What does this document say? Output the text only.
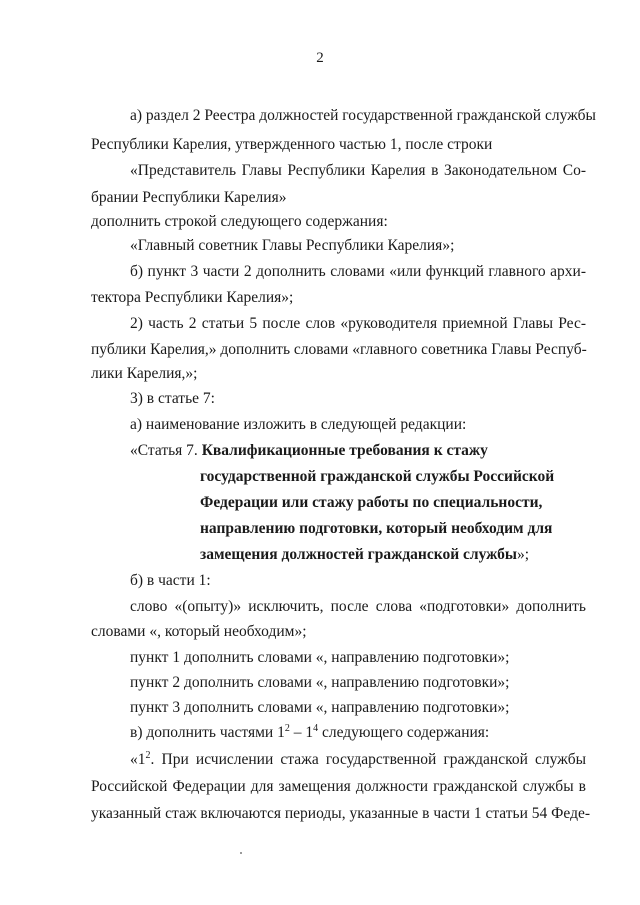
2
а) раздел 2 Реестра должностей государственной гражданской службы
Республики Карелия, утвержденного частью 1, после строки
«Представитель Главы Республики Карелия в Законодательном Со-
брании Республики Карелия»
дополнить строкой следующего содержания:
«Главный советник Главы Республики Карелия»;
б) пункт 3 части 2 дополнить словами «или функций главного архи-
тектора Республики Карелия»;
2) часть 2 статьи 5 после слов «руководителя приемной Главы Рес-
публики Карелия,» дополнить словами «главного советника Главы Респуб-
лики Карелия,»;
3) в статье 7:
а) наименование изложить в следующей редакции:
«Статья 7. Квалификационные требования к стажу
государственной гражданской службы Российской
Федерации или стажу работы по специальности,
направлению подготовки, который необходим для
замещения должностей гражданской службы»;
б) в части 1:
слово «(опыту)» исключить, после слова «подготовки» дополнить
словами «, который необходим»;
пункт 1 дополнить словами «, направлению подготовки»;
пункт 2 дополнить словами «, направлению подготовки»;
пункт 3 дополнить словами «, направлению подготовки»;
в) дополнить частями $1^2 - 1^4$ следующего содержания:
«$1^2$ . При исчислении стажа государственной гражданской службы
Российской Федерации для замещения должности гражданской службы в
указанный стаж включаются периоды, указанные в части 1 статьи 54 Феде-
